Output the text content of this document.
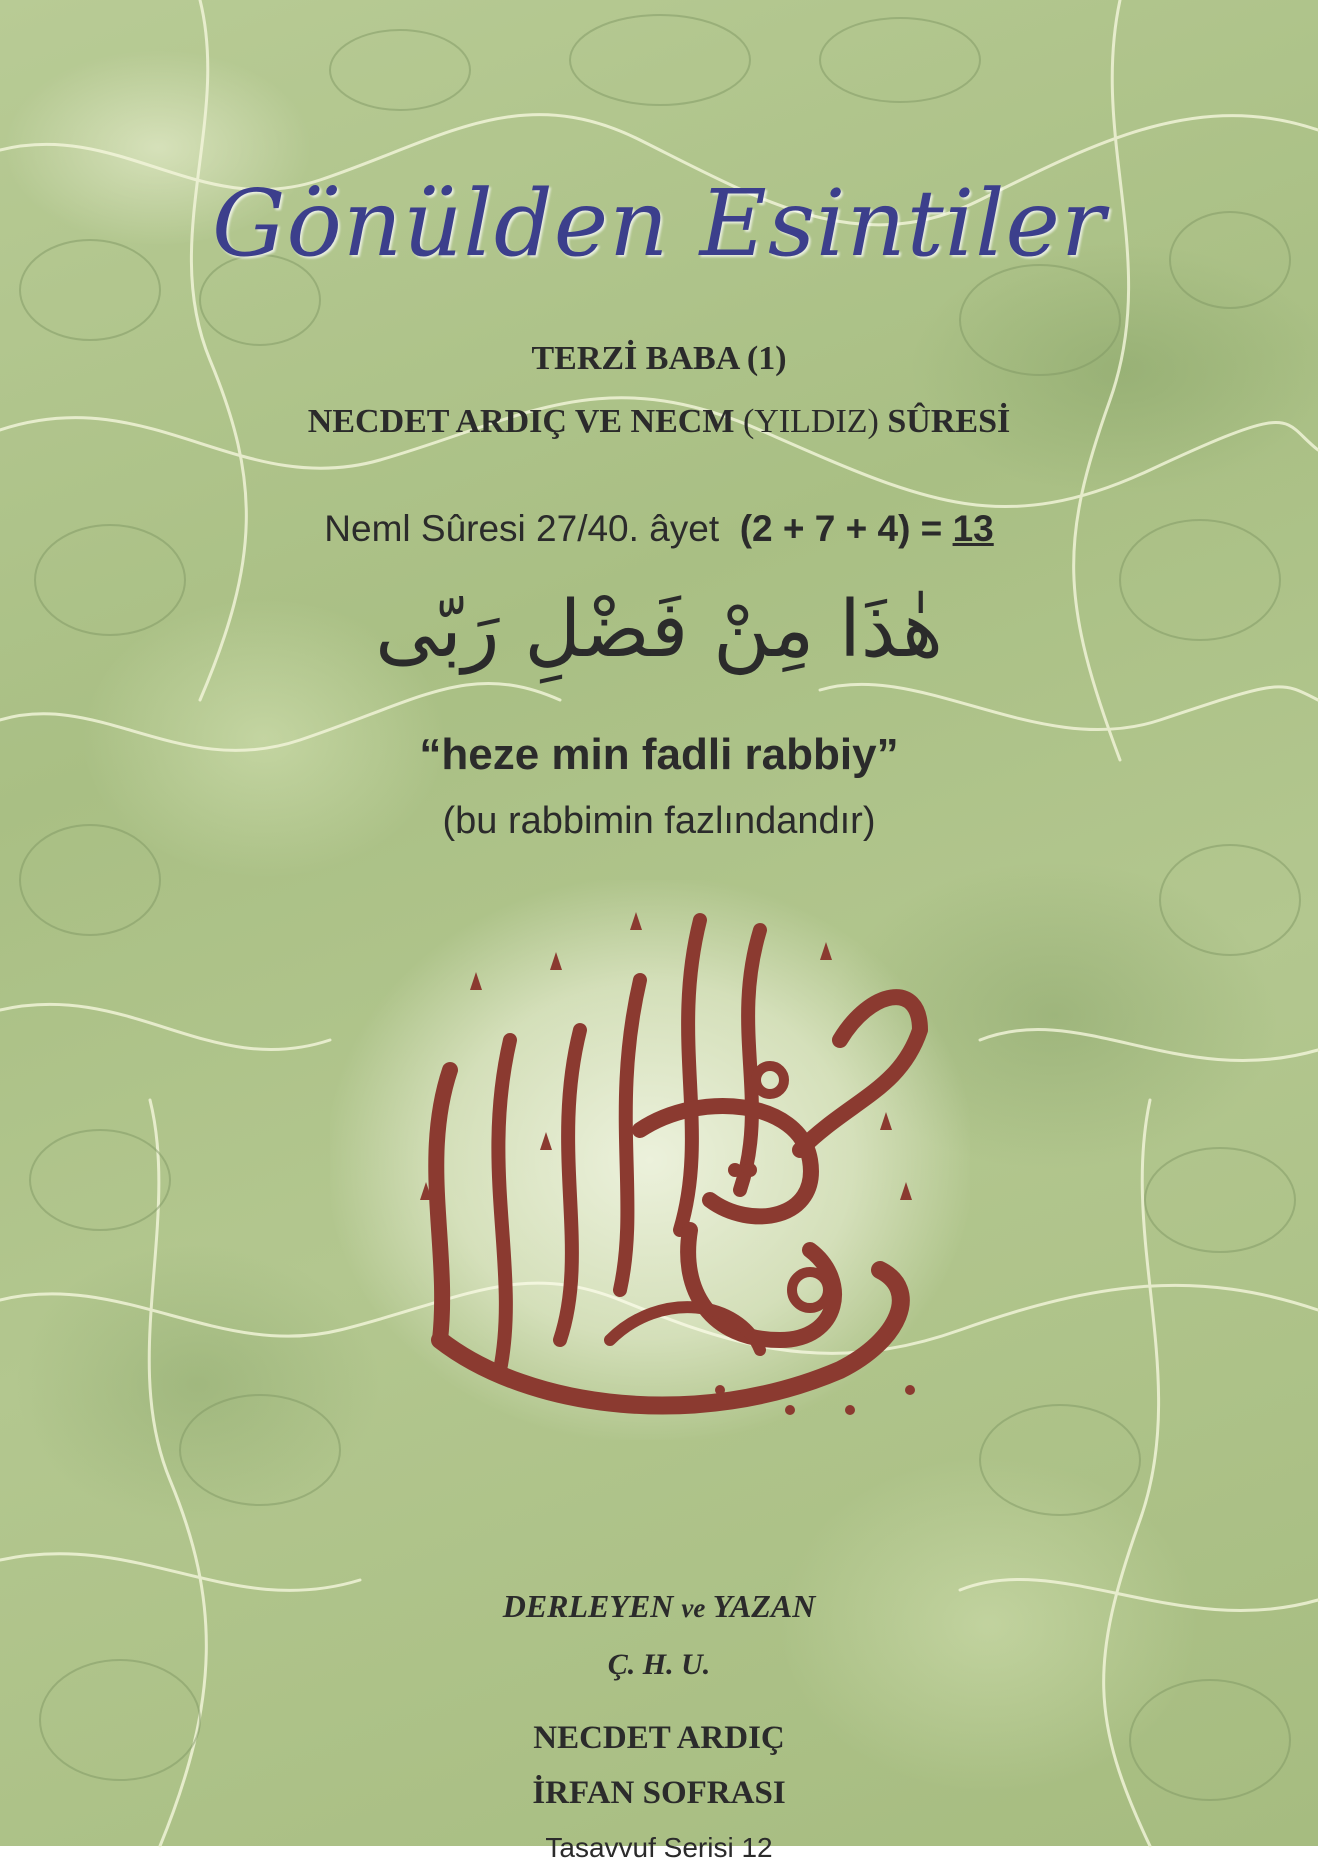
Gönülden Esintiler
TERZİ BABA (1)
NECDET ARDIÇ VE NECM (YILDIZ) SÛRESİ
Neml Sûresi 27/40. âyet (2 + 7 + 4) = 13
هٰذَا مِنْ فَضْلِ رَبّى
“heze min fadli rabbiy”
(bu rabbimin fazlındandır)
DERLEYEN ve YAZAN
Ç. H. U.
NECDET ARDIÇ
İRFAN SOFRASI
Tasavvuf Serisi 12
